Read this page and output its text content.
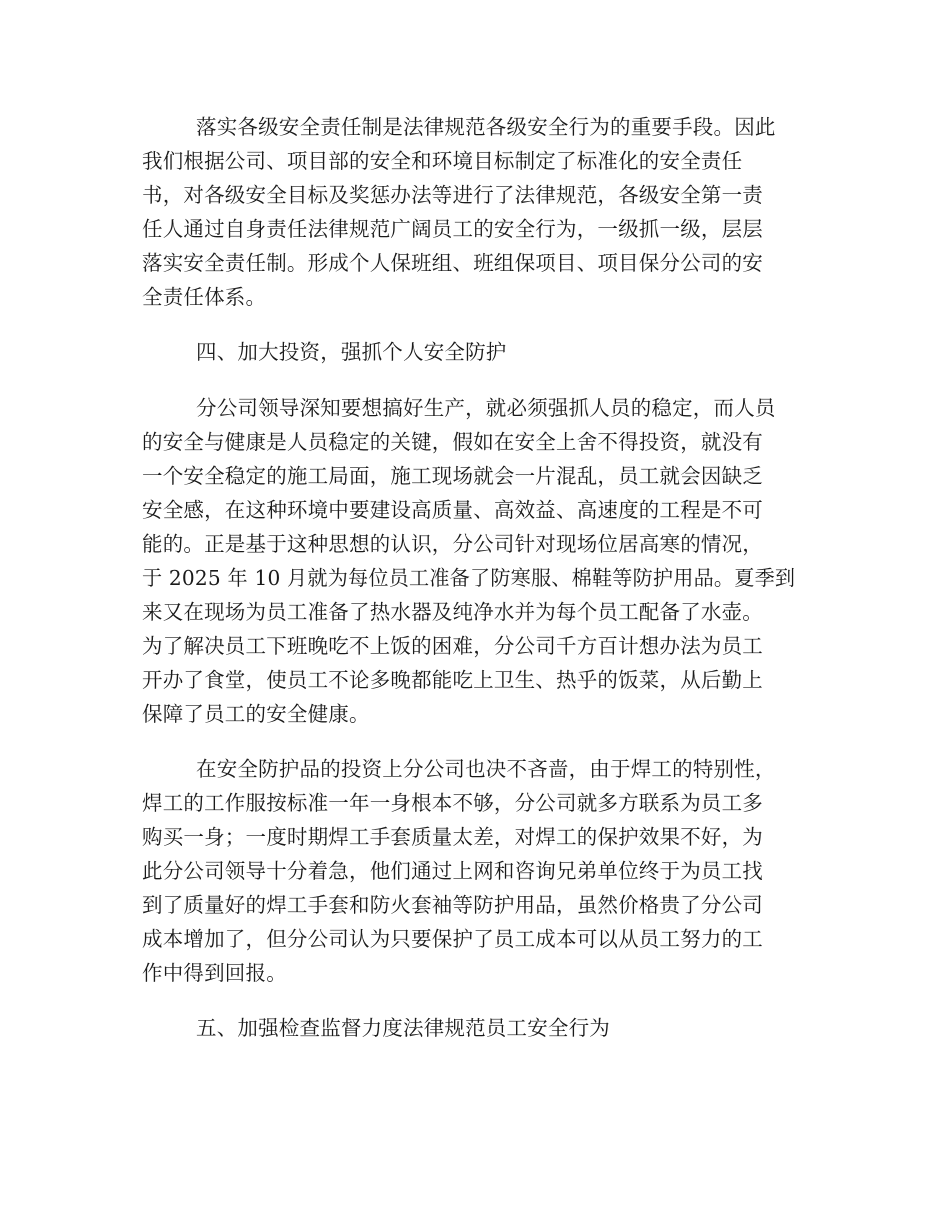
落实各级安全责任制是法律规范各级安全行为的重要手段。因此
我们根据公司、项目部的安全和环境目标制定了标准化的安全责任
书，对各级安全目标及奖惩办法等进行了法律规范，各级安全第一责
任人通过自身责任法律规范广阔员工的安全行为，一级抓一级，层层
落实安全责任制。形成个人保班组、班组保项目、项目保分公司的安
全责任体系。
四、加大投资，强抓个人安全防护
分公司领导深知要想搞好生产，就必须强抓人员的稳定，而人员
的安全与健康是人员稳定的关键，假如在安全上舍不得投资，就没有
一个安全稳定的施工局面，施工现场就会一片混乱，员工就会因缺乏
安全感，在这种环境中要建设高质量、高效益、高速度的工程是不可
能的。正是基于这种思想的认识，分公司针对现场位居高寒的情况，
于 2025 年 10 月就为每位员工准备了防寒服、棉鞋等防护用品。夏季到
来又在现场为员工准备了热水器及纯净水并为每个员工配备了水壶。
为了解决员工下班晚吃不上饭的困难，分公司千方百计想办法为员工
开办了食堂，使员工不论多晚都能吃上卫生、热乎的饭菜，从后勤上
保障了员工的安全健康。
在安全防护品的投资上分公司也决不吝啬，由于焊工的特别性，
焊工的工作服按标准一年一身根本不够，分公司就多方联系为员工多
购买一身；一度时期焊工手套质量太差，对焊工的保护效果不好，为
此分公司领导十分着急，他们通过上网和咨询兄弟单位终于为员工找
到了质量好的焊工手套和防火套袖等防护用品，虽然价格贵了分公司
成本增加了，但分公司认为只要保护了员工成本可以从员工努力的工
作中得到回报。
五、加强检查监督力度法律规范员工安全行为
